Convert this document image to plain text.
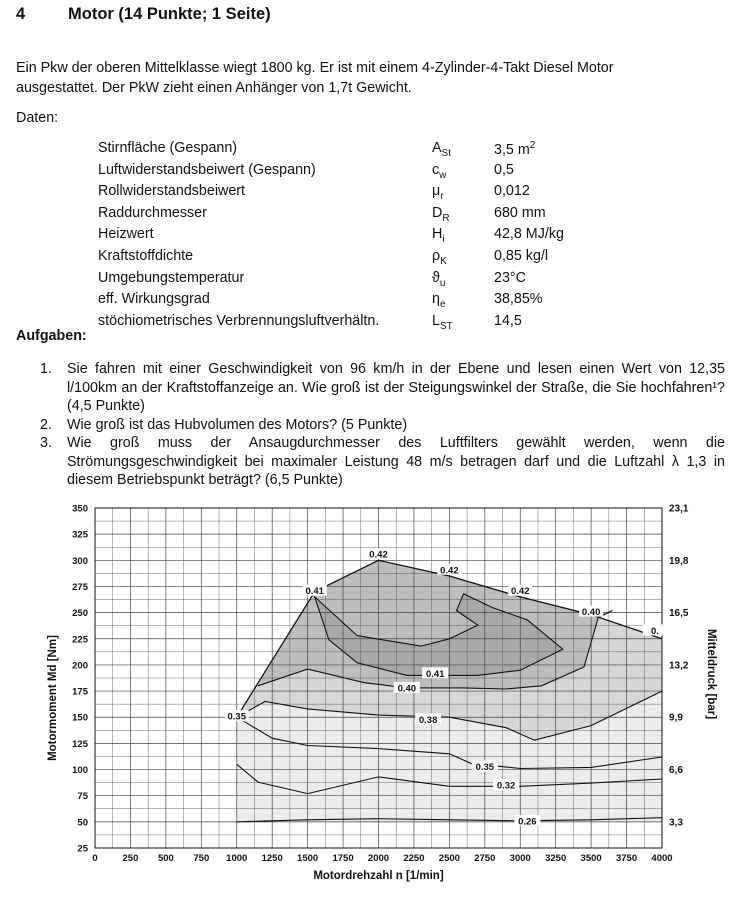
4	Motor (14 Punkte; 1 Seite)
Ein Pkw der oberen Mittelklasse wiegt 1800 kg. Er ist mit einem 4-Zylinder-4-Takt Diesel Motor
ausgestattet. Der PkW zieht einen Anhänger von 1,7t Gewicht.
Daten:
Stirnfläche (Gespann)	$A_{St}$	3,5 $m^2$
Luftwiderstandsbeiwert (Gespann)	$c_w$	0,5
Rollwiderstandsbeiwert	$\mu_r$	0,012
Raddurchmesser	$D_R$	680 mm
Heizwert	$H_i$	42,8 MJ/kg
Kraftstoffdichte	$\rho_K$	0,85 kg/l
Umgebungstemperatur	$ϑ_u$	23°C
eff. Wirkungsgrad	$\eta_e$	38,85%
stöchiometrisches Verbrennungsluftverhältn.	$L_{ST}$	14,5
Aufgaben:
1. Sie fahren mit einer Geschwindigkeit von 96 km/h in der Ebene und lesen einen Wert von 12,35 l/100km an der Kraftstoffanzeige an. Wie groß ist der Steigungswinkel der Straße, die Sie hochfahren¹? (4,5 Punkte)
2. Wie groß ist das Hubvolumen des Motors? (5 Punkte)
3. Wie groß muss der Ansaugdurchmesser des Luftfilters gewählt werden, wenn die Strömungsgeschwindigkeit bei maximaler Leistung 48 m/s betragen darf und die Luftzahl λ 1,3 in diesem Betriebspunkt beträgt? (6,5 Punkte)
0.26
0.32
0.35
0.38
0.40
0.41
0.35
0.41
0.42
0.42
0.42
0.40
0.
0	250 500 750 1000 1250 1500 1750 2000 2250 2500 2750 3000 3250 3500 3750 4000
25
50
75
100
125
150
175
200
225
250
275
300
325
350
3,3
6,6
9,9
13,2
16,5
19,8
23,1
Motordrehzahl n [1/min]
Motormoment Md [Nm]	Mitteldruck [bar]
